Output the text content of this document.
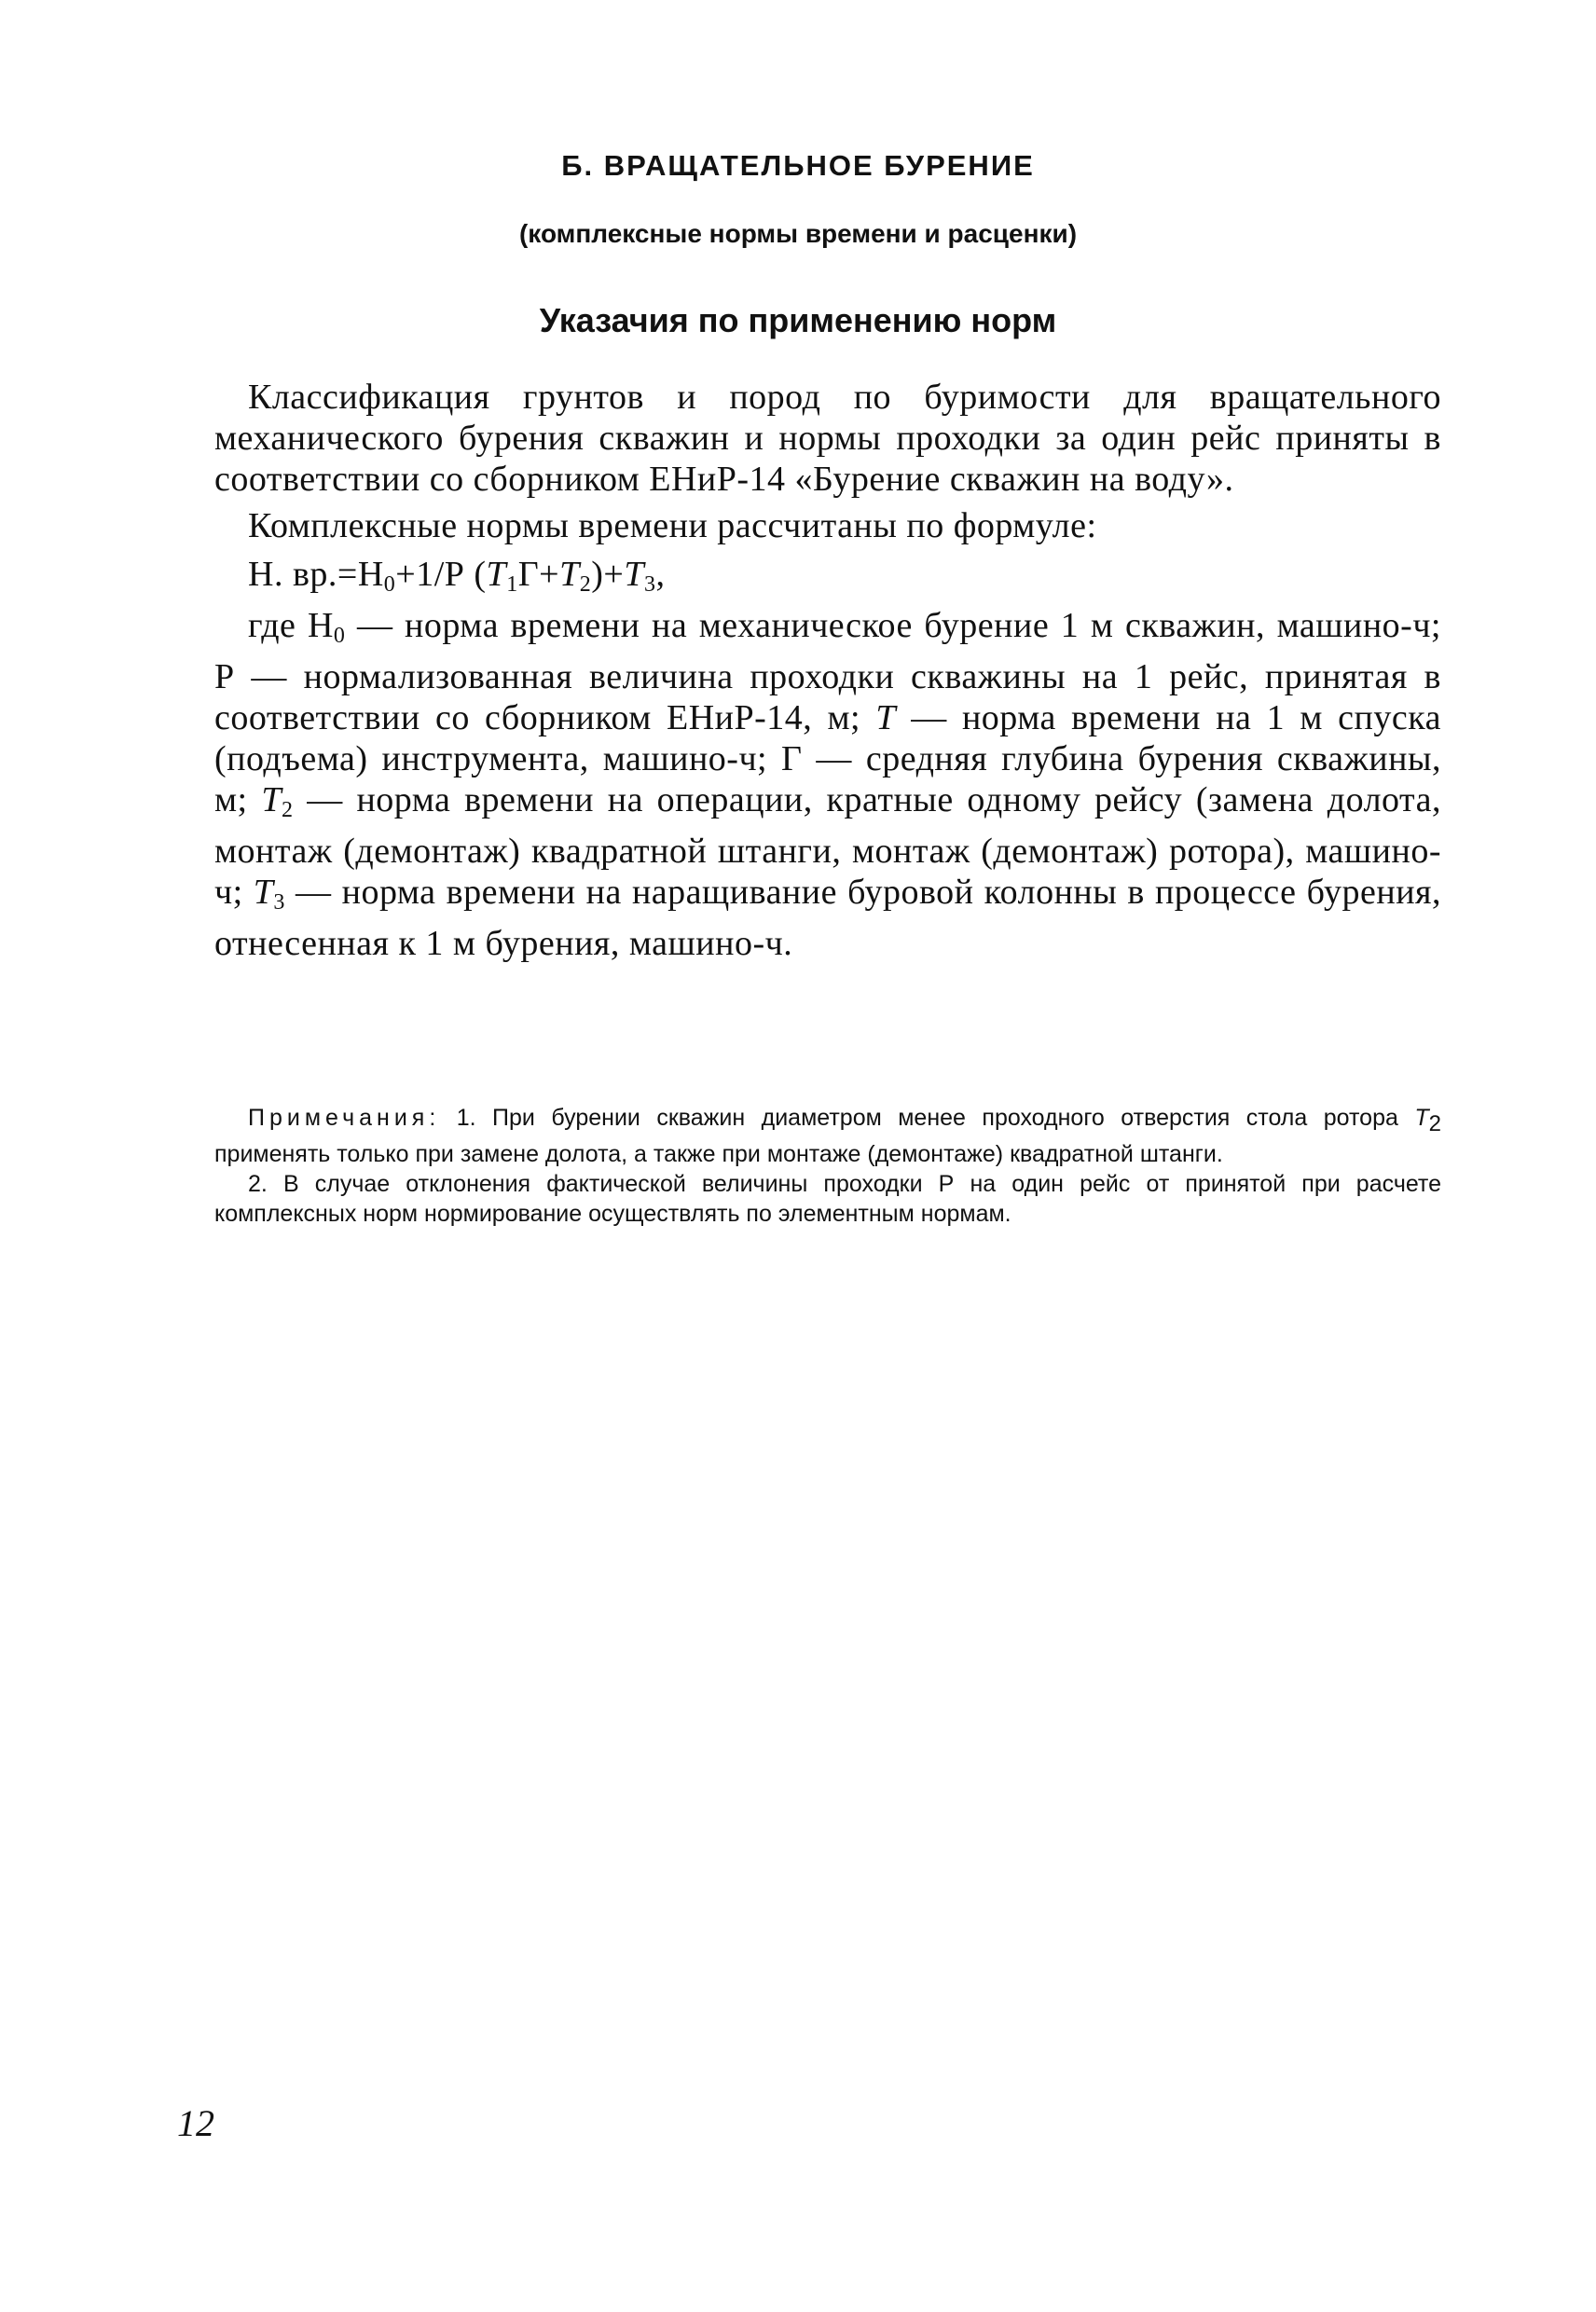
Б. ВРАЩАТЕЛЬНОЕ БУРЕНИЕ
(комплексные нормы времени и расценки)
Указачия по применению норм

Классификация грунтов и пород по буримости для вращательного механического бурения скважин и нормы проходки за один рейс приняты в соответствии со сборником ЕНиР-14 «Бурение скважин на воду».

Комплексные нормы времени рассчитаны по формуле:

Н. $вр.=Н_0+1/Р$ $(Т_1Г+Т_2)+Т_3$,

где $Н_0$ — норма времени на механическое бурение 1 м скважин, машино-ч; Р — нормализованная величина проходки скважины на 1 рейс, принятая в соответствии со сборником ЕНиР-14, м; Т — норма времени на 1 м спуска (подъема) инструмента, машино-ч; Г — средняя глубина бурения скважины, м; $Т_2$ — норма времени на операции, кратные одному рейсу (замена долота, монтаж (демонтаж) квадратной штанги, монтаж (демонтаж) ротора), машино-ч; $Т_3$ — норма времени на наращивание буровой колонны в процессе бурения, отнесенная к 1 м бурения, машино-ч.

Примечания: 1. При бурении скважин диаметром менее проходного отверстия стола ротора Т2 применять только при замене долота, а также при монтаже (демонтаже) квадратной штанги.

2. В случае отклонения фактической величины проходки Р на один рейс от принятой при расчете комплексных норм нормирование осуществлять по элементным нормам.

12
